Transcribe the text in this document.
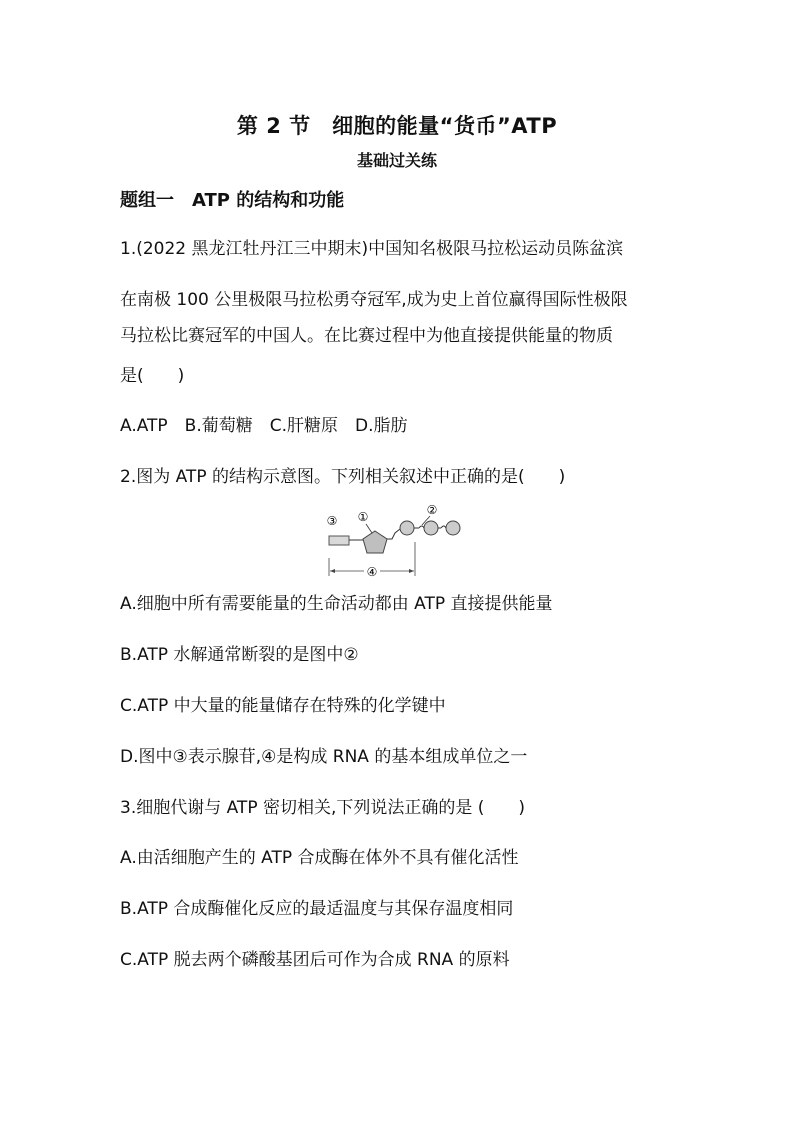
第 2 节　细胞的能量“货币”ATP
基础过关练
题组一　ATP 的结构和功能
1.(2022 黑龙江牡丹江三中期末)中国知名极限马拉松运动员陈盆滨
在南极 100 公里极限马拉松勇夺冠军,成为史上首位赢得国际性极限
马拉松比赛冠军的中国人。在比赛过程中为他直接提供能量的物质
是(　　)
A.ATP　B.葡萄糖　C.肝糖原　D.脂肪
2.图为 ATP 的结构示意图。下列相关叙述中正确的是(　　)
③ ①	②
④
A.细胞中所有需要能量的生命活动都由 ATP 直接提供能量
B.ATP 水解通常断裂的是图中②
C.ATP 中大量的能量储存在特殊的化学键中
D.图中③表示腺苷,④是构成 RNA 的基本组成单位之一
3.细胞代谢与 ATP 密切相关,下列说法正确的是 (　　)
A.由活细胞产生的 ATP 合成酶在体外不具有催化活性
B.ATP 合成酶催化反应的最适温度与其保存温度相同
C.ATP 脱去两个磷酸基团后可作为合成 RNA 的原料
